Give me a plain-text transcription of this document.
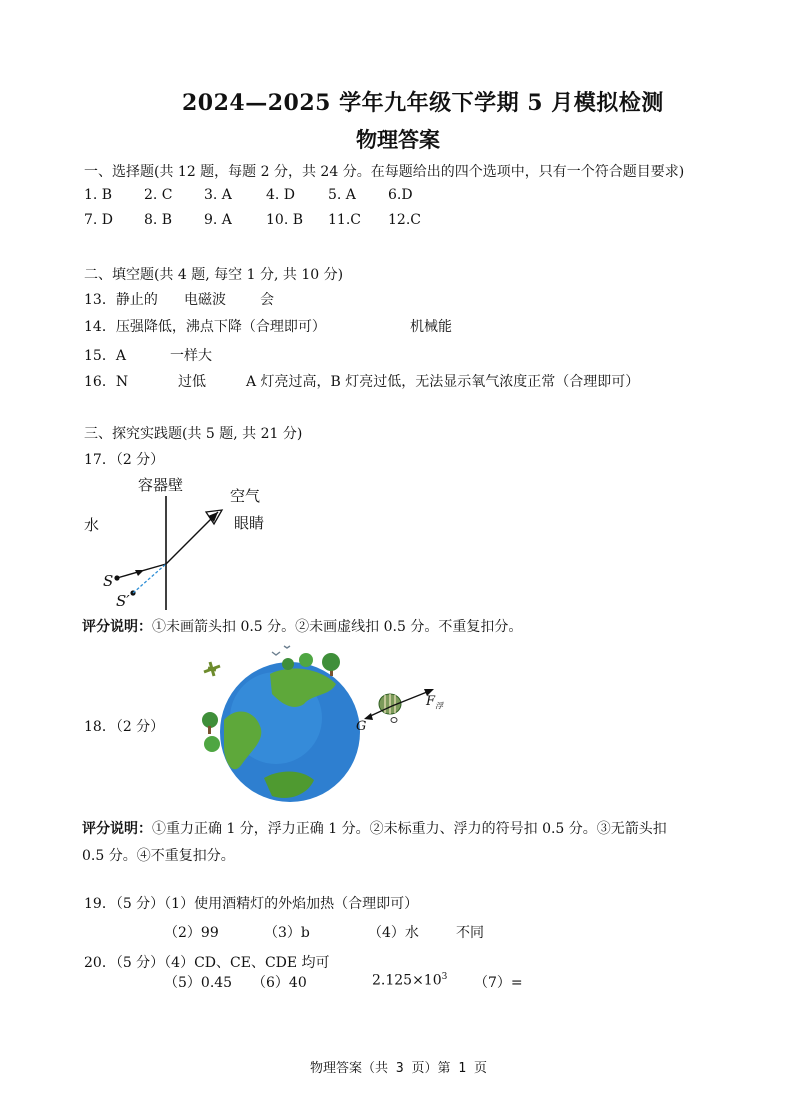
2024—2025 学年九年级下学期 5 月模拟检测
物理答案
一、选择题(共 12 题，每题 2 分，共 24 分。在每题给出的四个选项中，只有一个符合题目要求)
1. B 2. C 3. A 4. D 5. A 6.D
7. D 8. B 9. A 10. B 11.C 12.C
二、填空题(共 4 题, 每空 1 分, 共 10 分)
13．静止的 电磁波 会
14．压强降低，沸点下降（合理即可）	机械能
15．A	一样大
16．N	过低	A 灯亮过高，B 灯亮过低，无法显示氧气浓度正常（合理即可）
三、探究实践题(共 5 题, 共 21 分)
17．（2 分）
容器壁
空气
水	眼睛
S
S′
评分说明：①未画箭头扣 0.5 分。②未画虚线扣 0.5 分。不重复扣分。
18．（2 分）
$F_浮$
G
评分说明：①重力正确 1 分，浮力正确 1 分。②未标重力、浮力的符号扣 0.5 分。③无箭头扣
0.5 分。④不重复扣分。
19．（5 分）（1）使用酒精灯的外焰加热（合理即可）
（2）99	（3）b	（4）水	不同
20．（5 分）（4）CD、CE、CDE 均可
（5）0.45 （6）40	$2.125\times 10^3$ （7）=
物理答案（共 3 页）第 1 页
